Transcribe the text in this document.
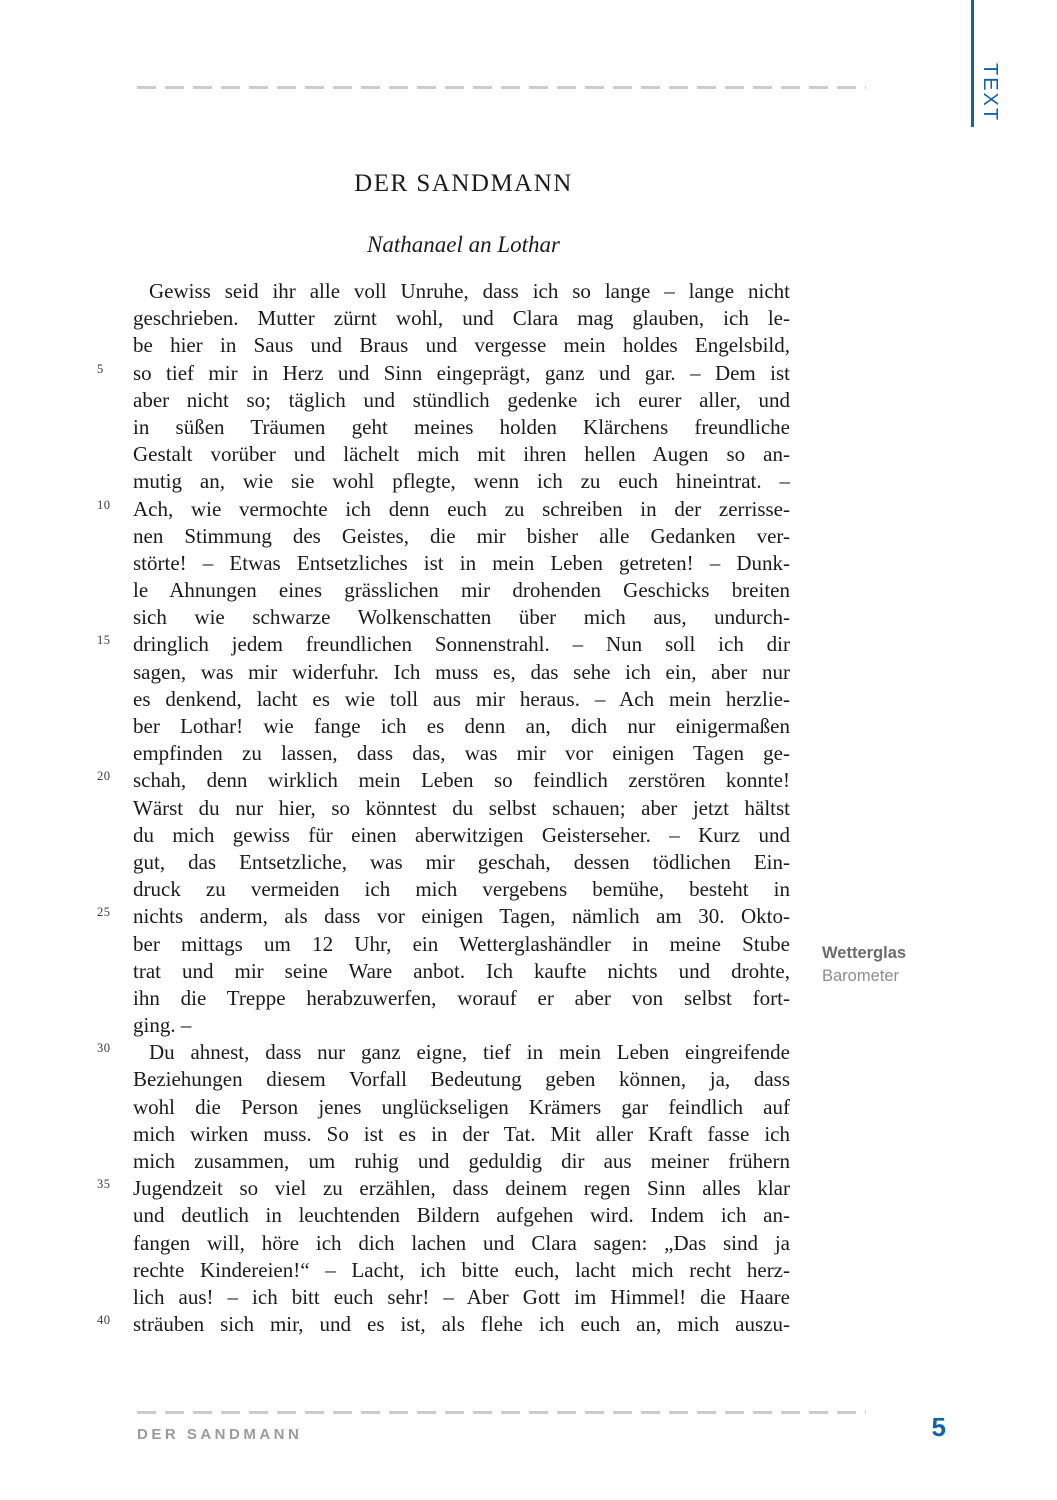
TEXT
DER SANDMANN
Nathanael an Lothar
Gewiss seid ihr alle voll Unruhe, dass ich so lange – lange nicht
geschrieben. Mutter zürnt wohl, und Clara mag glauben, ich le-
be hier in Saus und Braus und vergesse mein holdes Engelsbild,
5	so tief mir in Herz und Sinn eingeprägt, ganz und gar. – Dem ist
aber nicht so; täglich und stündlich gedenke ich eurer aller, und
in süßen Träumen geht meines holden Klärchens freundliche
Gestalt vorüber und lächelt mich mit ihren hellen Augen so an-
mutig an, wie sie wohl pflegte, wenn ich zu euch hineintrat. –
10	Ach, wie vermochte ich denn euch zu schreiben in der zerrisse-
nen Stimmung des Geistes, die mir bisher alle Gedanken ver-
störte! – Etwas Entsetzliches ist in mein Leben getreten! – Dunk-
le Ahnungen eines grässlichen mir drohenden Geschicks breiten
sich wie schwarze Wolkenschatten über mich aus, undurch-
15	dringlich jedem freundlichen Sonnenstrahl. – Nun soll ich dir
sagen, was mir widerfuhr. Ich muss es, das sehe ich ein, aber nur
es denkend, lacht es wie toll aus mir heraus. – Ach mein herzlie-
ber Lothar! wie fange ich es denn an, dich nur einigermaßen
empfinden zu lassen, dass das, was mir vor einigen Tagen ge-
20	schah, denn wirklich mein Leben so feindlich zerstören konnte!
Wärst du nur hier, so könntest du selbst schauen; aber jetzt hältst
du mich gewiss für einen aberwitzigen Geisterseher. – Kurz und
gut, das Entsetzliche, was mir geschah, dessen tödlichen Ein-
druck zu vermeiden ich mich vergebens bemühe, besteht in
25	nichts anderm, als dass vor einigen Tagen, nämlich am 30. Okto-
ber mittags um 12 Uhr, ein Wetterglashändler in meine Stube
trat und mir seine Ware anbot. Ich kaufte nichts und drohte,
ihn die Treppe herabzuwerfen, worauf er aber von selbst fort-
ging. –
30	Du ahnest, dass nur ganz eigne, tief in mein Leben eingreifende
Beziehungen diesem Vorfall Bedeutung geben können, ja, dass
wohl die Person jenes unglückseligen Krämers gar feindlich auf
mich wirken muss. So ist es in der Tat. Mit aller Kraft fasse ich
mich zusammen, um ruhig und geduldig dir aus meiner frühern
35	Jugendzeit so viel zu erzählen, dass deinem regen Sinn alles klar
und deutlich in leuchtenden Bildern aufgehen wird. Indem ich an-
fangen will, höre ich dich lachen und Clara sagen: „Das sind ja
rechte Kindereien!“ – Lacht, ich bitte euch, lacht mich recht herz-
lich aus! – ich bitt euch sehr! – Aber Gott im Himmel! die Haare
40	sträuben sich mir, und es ist, als flehe ich euch an, mich auszu-
Wetterglas
Barometer
DER SANDMANN	5
